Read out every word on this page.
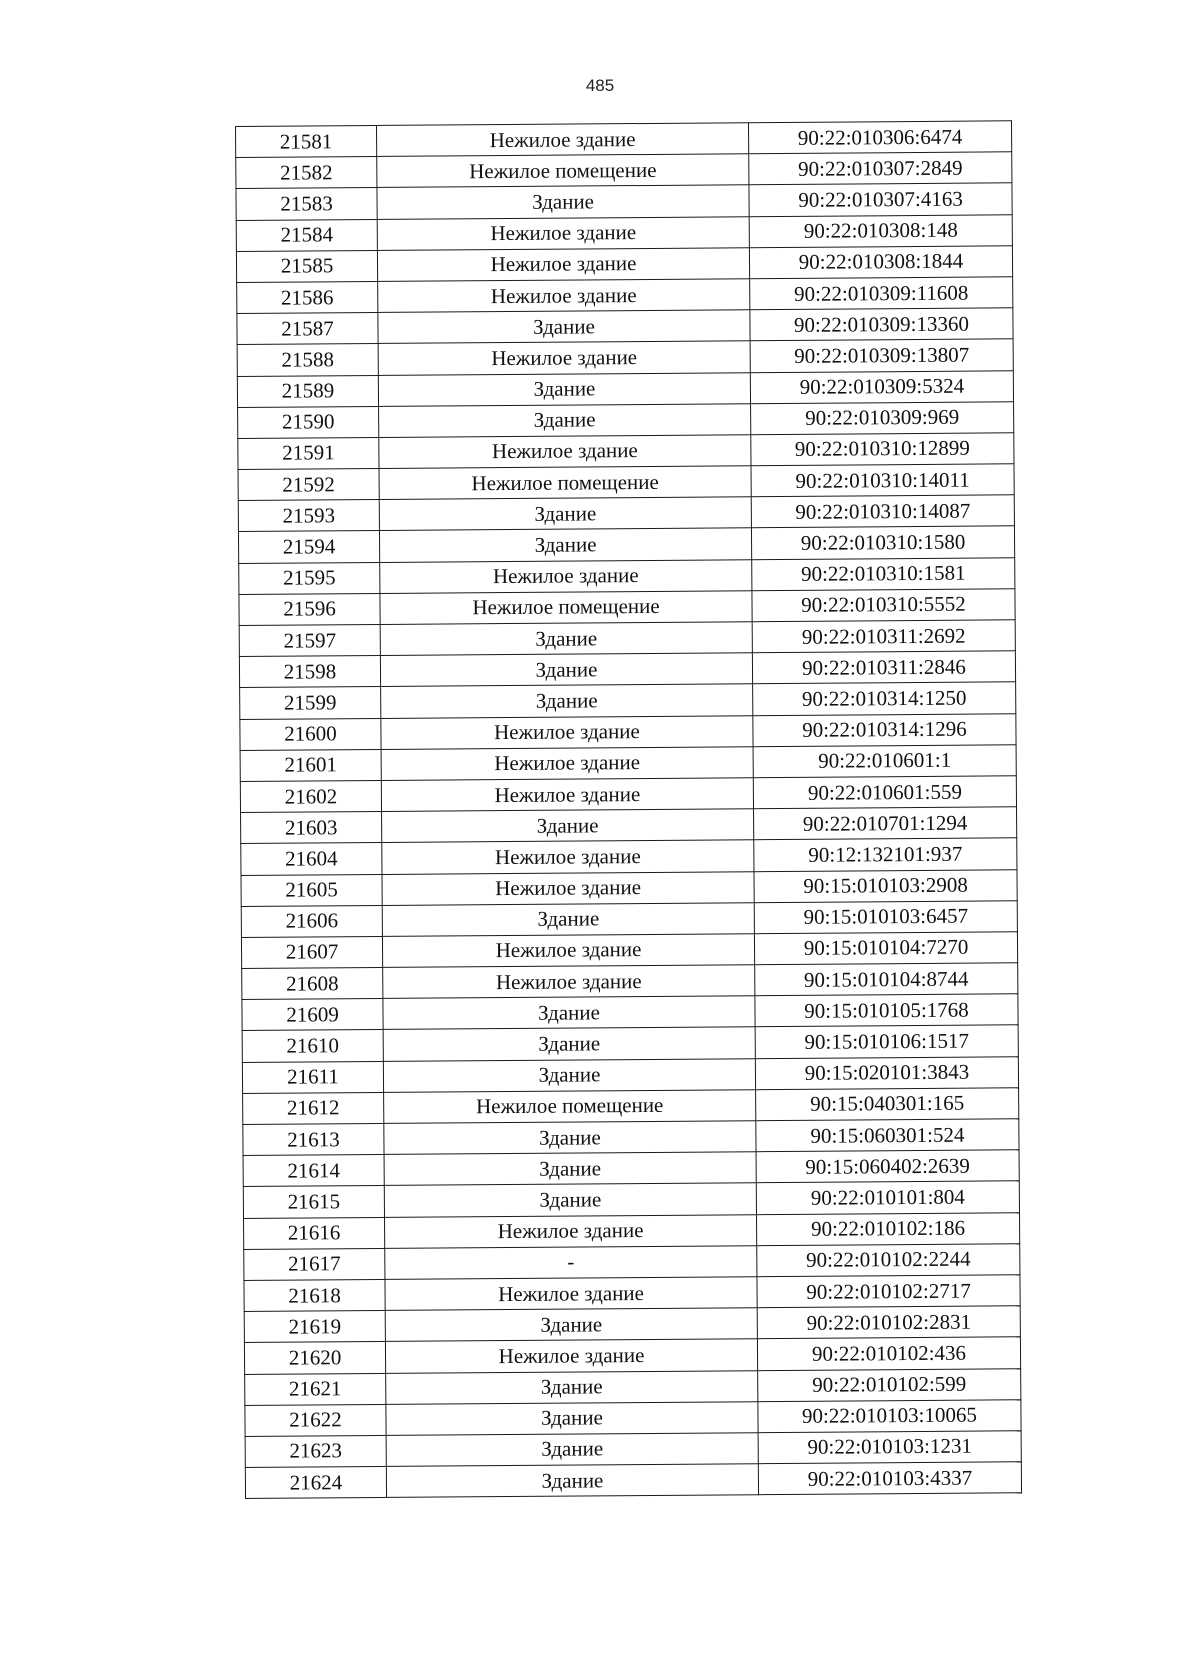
485
21581	Нежилое здание	90:22:010306:6474
21582	Нежилое помещение	90:22:010307:2849
21583	Здание	90:22:010307:4163
21584	Нежилое здание	90:22:010308:148
21585	Нежилое здание	90:22:010308:1844
21586	Нежилое здание	90:22:010309:11608
21587	Здание	90:22:010309:13360
21588	Нежилое здание	90:22:010309:13807
21589	Здание	90:22:010309:5324
21590	Здание	90:22:010309:969
21591	Нежилое здание	90:22:010310:12899
21592	Нежилое помещение	90:22:010310:14011
21593	Здание	90:22:010310:14087
21594	Здание	90:22:010310:1580
21595	Нежилое здание	90:22:010310:1581
21596	Нежилое помещение	90:22:010310:5552
21597	Здание	90:22:010311:2692
21598	Здание	90:22:010311:2846
21599	Здание	90:22:010314:1250
21600	Нежилое здание	90:22:010314:1296
21601	Нежилое здание	90:22:010601:1
21602	Нежилое здание	90:22:010601:559
21603	Здание	90:22:010701:1294
21604	Нежилое здание	90:12:132101:937
21605	Нежилое здание	90:15:010103:2908
21606	Здание	90:15:010103:6457
21607	Нежилое здание	90:15:010104:7270
21608	Нежилое здание	90:15:010104:8744
21609	Здание	90:15:010105:1768
21610	Здание	90:15:010106:1517
21611	Здание	90:15:020101:3843
21612	Нежилое помещение	90:15:040301:165
21613	Здание	90:15:060301:524
21614	Здание	90:15:060402:2639
21615	Здание	90:22:010101:804
21616	Нежилое здание	90:22:010102:186
21617	-	90:22:010102:2244
21618	Нежилое здание	90:22:010102:2717
21619	Здание	90:22:010102:2831
21620	Нежилое здание	90:22:010102:436
21621	Здание	90:22:010102:599
21622	Здание	90:22:010103:10065
21623	Здание	90:22:010103:1231
21624	Здание	90:22:010103:4337
